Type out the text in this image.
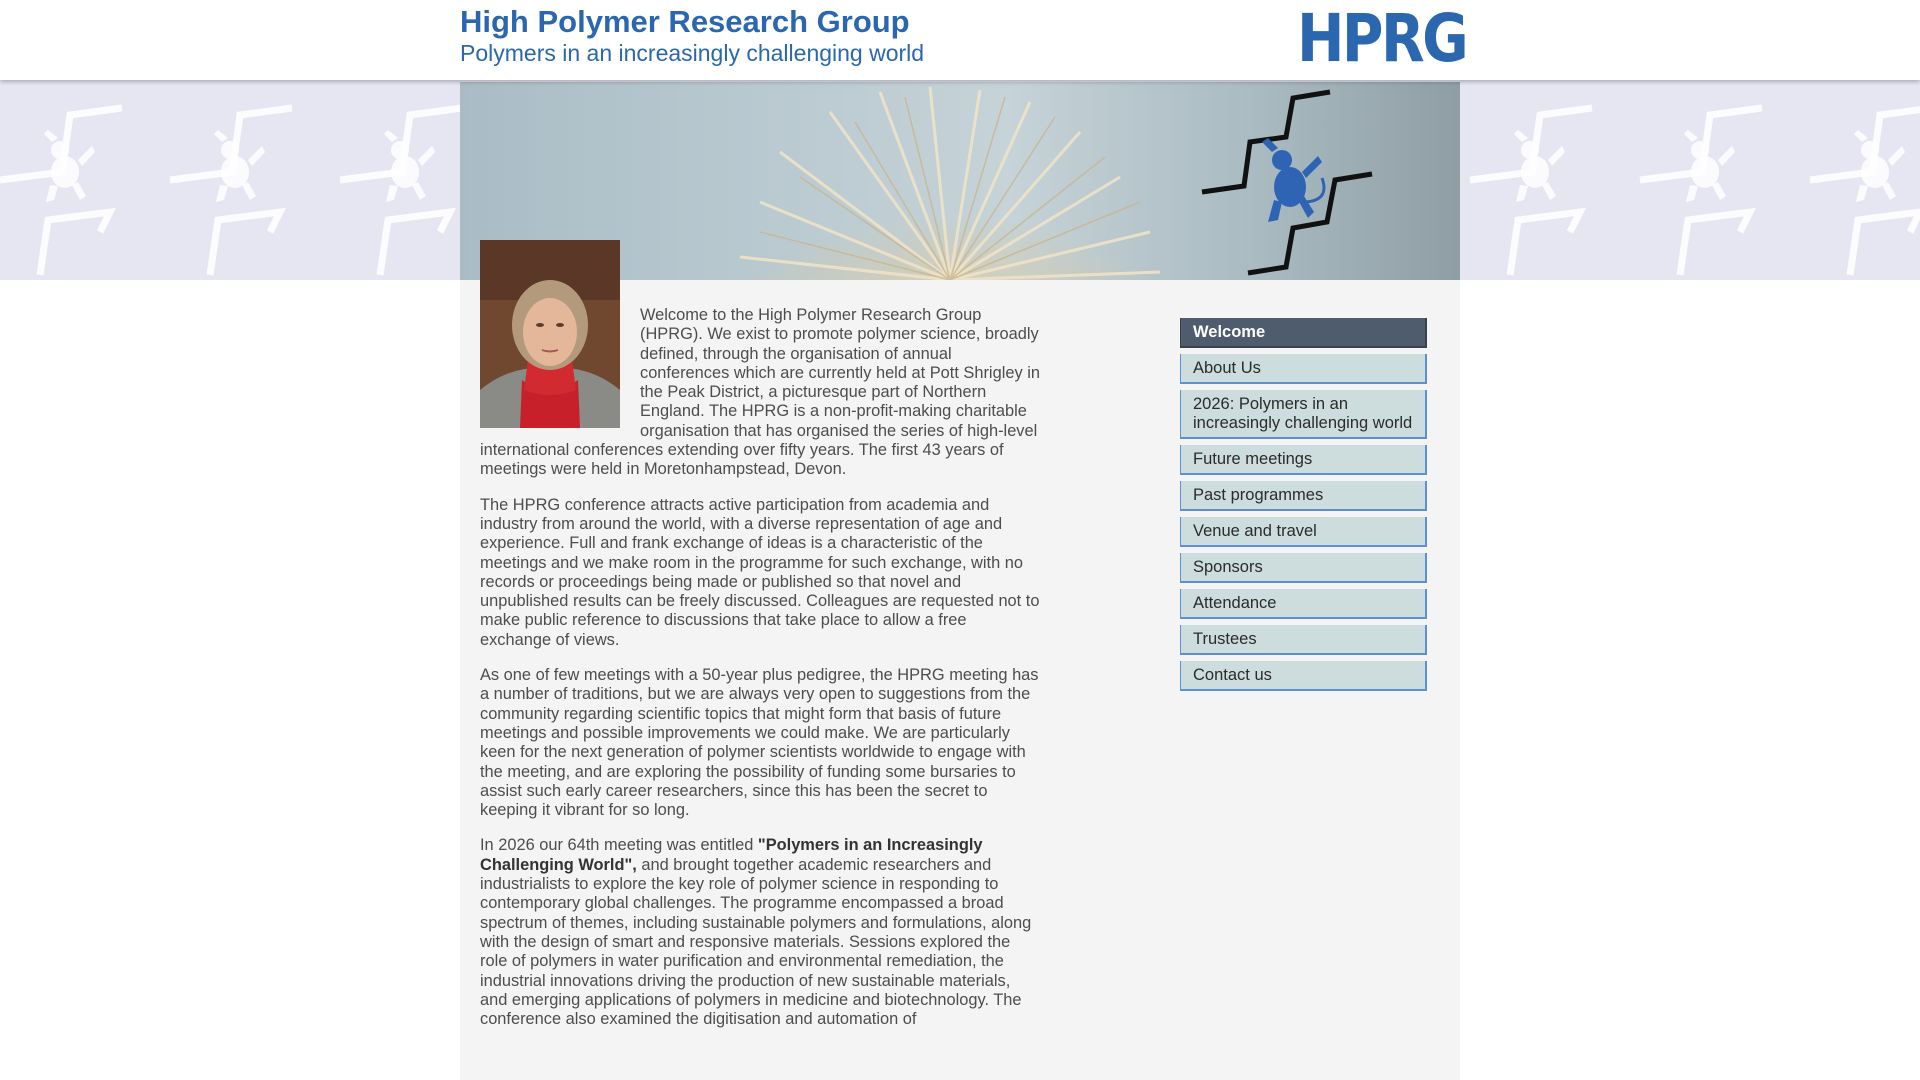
High Polymer Research Group
Polymers in an increasingly challenging world	HPRG

Welcome to the High Polymer Research Group (HPRG). We exist to promote polymer science, broadly defined, through the organisation of annual conferences which are currently held at Pott Shrigley in the Peak District, a picturesque part of Northern England. The HPRG is a non-profit-making charitable organisation that has organised the series of high-level international conferences extending over fifty years. The first 43 years of meetings were held in Moretonhampstead, Devon.

The HPRG conference attracts active participation from academia and industry from around the world, with a diverse representation of age and experience. Full and frank exchange of ideas is a characteristic of the meetings and we make room in the programme for such exchange, with no records or proceedings being made or published so that novel and unpublished results can be freely discussed. Colleagues are requested not to make public reference to discussions that take place to allow a free exchange of views.

As one of few meetings with a 50-year plus pedigree, the HPRG meeting has a number of traditions, but we are always very open to suggestions from the community regarding scientific topics that might form that basis of future meetings and possible improvements we could make. We are particularly keen for the next generation of polymer scientists worldwide to engage with the meeting, and are exploring the possibility of funding some bursaries to assist such early career researchers, since this has been the secret to keeping it vibrant for so long.

In 2026 our 64th meeting was entitled "Polymers in an Increasingly Challenging World", and brought together academic researchers and industrialists to explore the key role of polymer science in responding to contemporary global challenges. The programme encompassed a broad spectrum of themes, including sustainable polymers and formulations, along with the design of smart and responsive materials. Sessions explored the role of polymers in water purification and environmental remediation, the industrial innovations driving the production of new sustainable materials, and emerging applications of polymers in medicine and biotechnology. The conference also examined the digitisation and automation of

Welcome
About Us
2026: Polymers in an increasingly challenging world
Future meetings
Past programmes
Venue and travel
Sponsors
Attendance
Trustees
Contact us
